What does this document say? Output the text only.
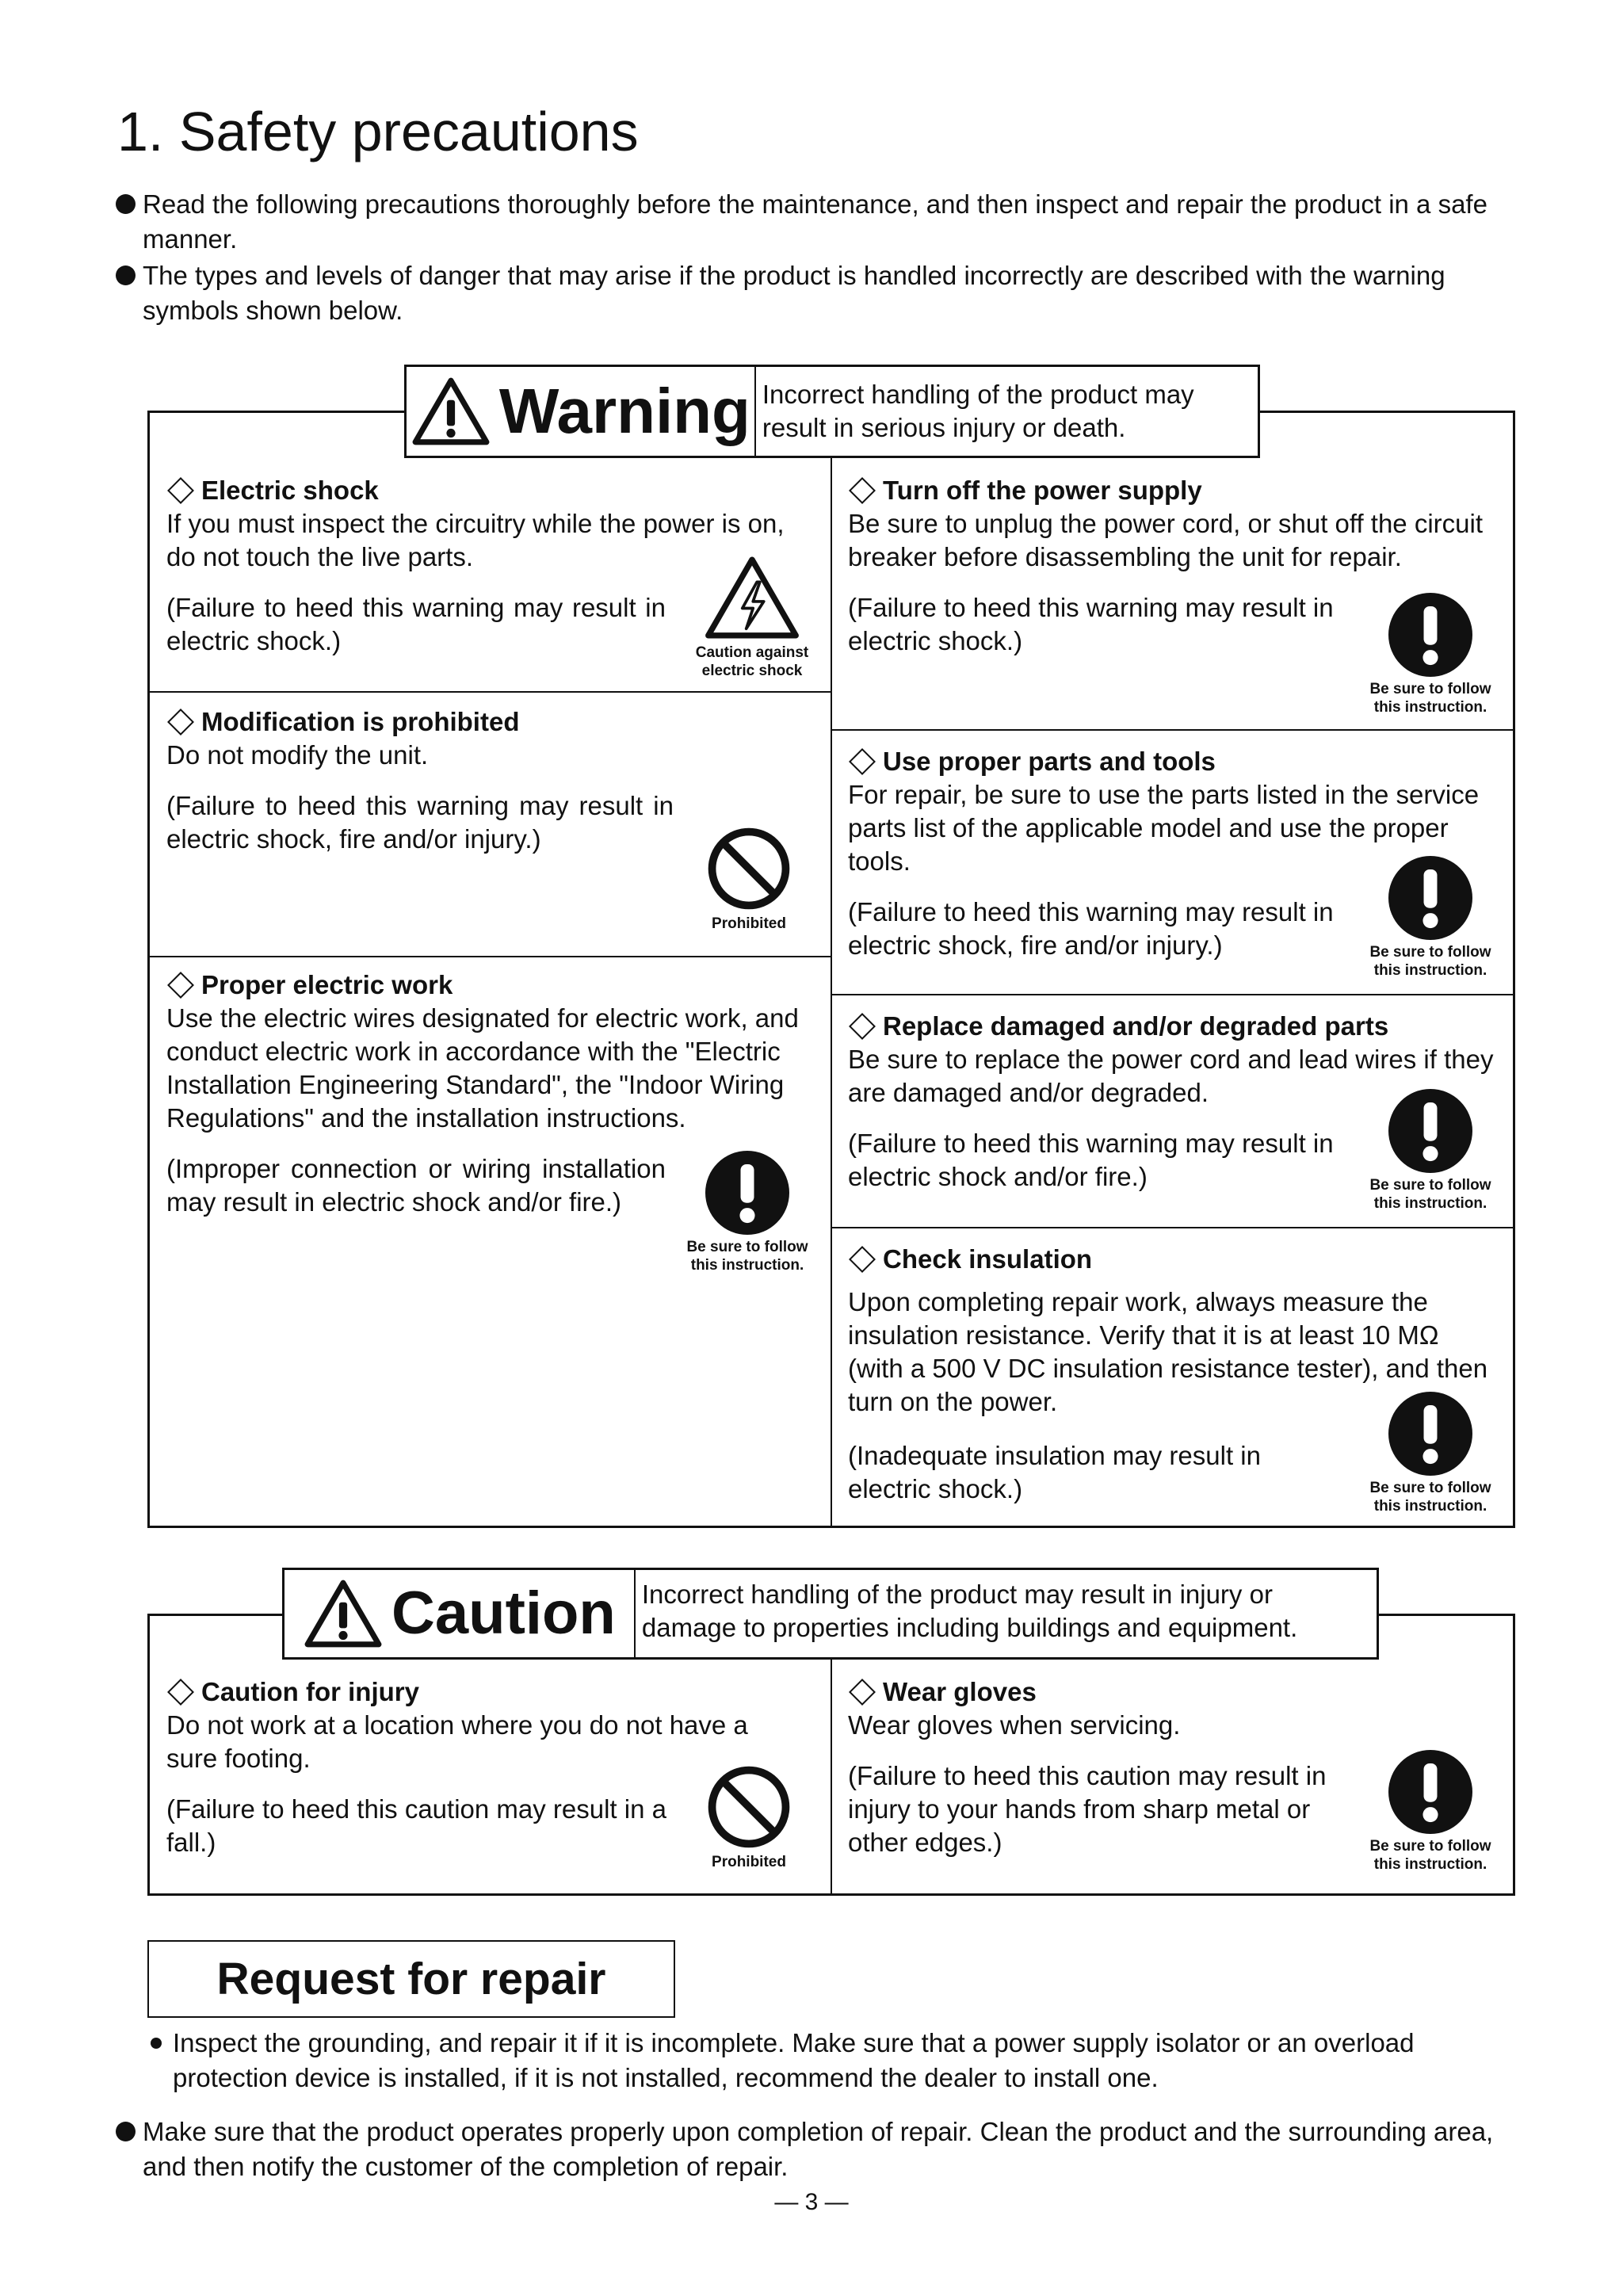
1. Safety precautions
Read the following precautions thoroughly before the maintenance, and then inspect and repair the product in a safe manner.
The types and levels of danger that may arise if the product is handled incorrectly are described with the warning symbols shown below.
Warning Incorrect handling of the product may result in serious injury or death.
Electric shock

If you must inspect the circuitry while the power is on, do not touch the live parts.

(Failure to heed this warning may result in electric shock.)	Caution against electric shock
Modification is prohibited

Do not modify the unit.

(Failure to heed this warning may result in electric shock, fire and/or injury.)

Prohibited
Proper electric work

Use the electric wires designated for electric work, and conduct electric work in accordance with the "Electric Installation Engineering Standard", the "Indoor Wiring Regulations" and the installation instructions.

(Improper connection or wiring installation may result in electric shock and/or fire.)

Be sure to follow this instruction.
Turn off the power supply

Be sure to unplug the power cord, or shut off the circuit breaker before disassembling the unit for repair.

(Failure to heed this warning may result in electric shock.)

Be sure to follow this instruction.
Use proper parts and tools

For repair, be sure to use the parts listed in the service parts list of the applicable model and use the proper tools.

(Failure to heed this warning may result in electric shock, fire and/or injury.)	Be sure to follow this instruction.
Replace damaged and/or degraded parts

Be sure to replace the power cord and lead wires if they are damaged and/or degraded.

(Failure to heed this warning may result in electric shock and/or fire.)	Be sure to follow this instruction.
Check insulation

Upon completing repair work, always measure the insulation resistance. Verify that it is at least 10 MΩ (with a 500 V DC insulation resistance tester), and then turn on the power.

(Inadequate insulation may result in electric shock.)	Be sure to follow this instruction.
Caution Incorrect handling of the product may result in injury or damage to properties including buildings and equipment.
Caution for injury

Do not work at a location where you do not have a sure footing.

(Failure to heed this caution may result in a fall.)

Prohibited
Wear gloves

Wear gloves when servicing.

(Failure to heed this caution may result in injury to your hands from sharp metal or other edges.)	Be sure to follow this instruction.
Request for repair
Inspect the grounding, and repair it if it is incomplete. Make sure that a power supply isolator or an overload protection device is installed, if it is not installed, recommend the dealer to install one.
Make sure that the product operates properly upon completion of repair. Clean the product and the surrounding area, and then notify the customer of the completion of repair.
― 3 ―
